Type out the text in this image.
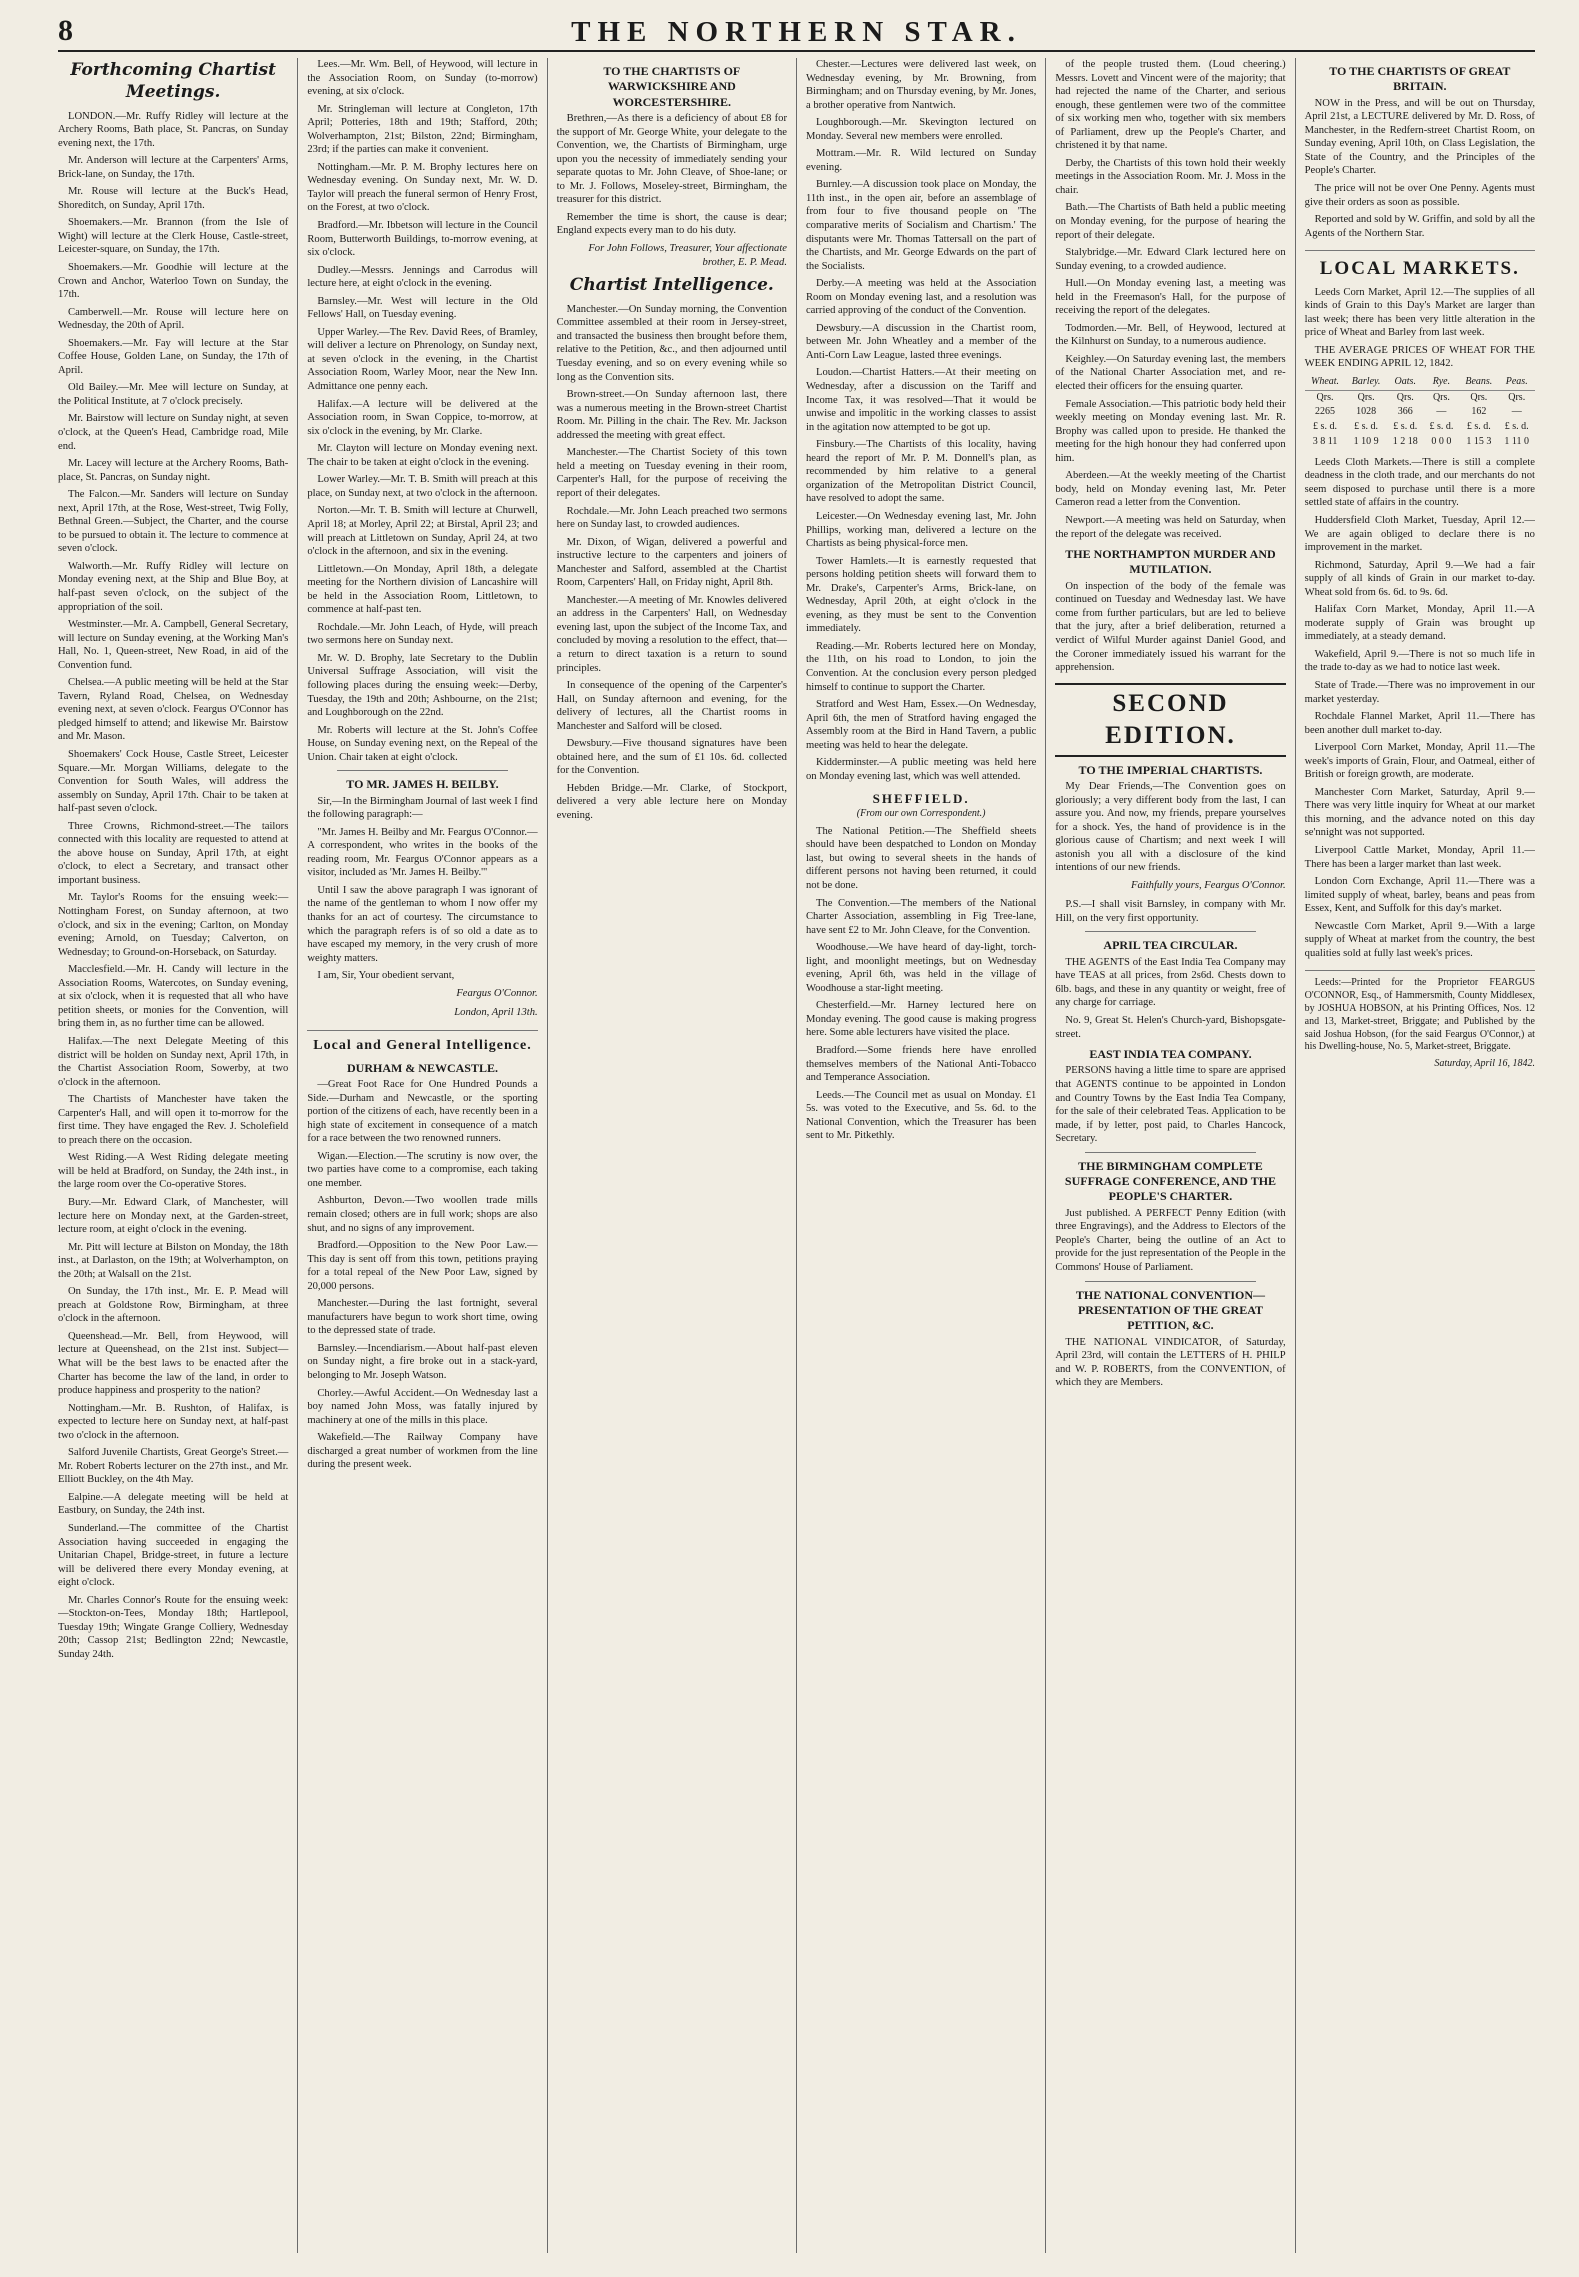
8	THE NORTHERN STAR.
Forthcoming Chartist Meetings.

LONDON.—Mr. Ruffy Ridley will lecture at the Archery Rooms, Bath place, St. Pancras, on Sunday evening next, the 17th.

Mr. Anderson will lecture at the Carpenters' Arms, Brick-lane, on Sunday, the 17th.

Mr. Rouse will lecture at the Buck's Head, Shoreditch, on Sunday, April 17th.

Shoemakers.—Mr. Brannon (from the Isle of Wight) will lecture at the Clerk House, Castle-street, Leicester-square, on Sunday, the 17th.

Shoemakers.—Mr. Goodhie will lecture at the Crown and Anchor, Waterloo Town on Sunday, the 17th.

Camberwell.—Mr. Rouse will lecture here on Wednesday, the 20th of April.

Shoemakers.—Mr. Fay will lecture at the Star Coffee House, Golden Lane, on Sunday, the 17th of April.

Old Bailey.—Mr. Mee will lecture on Sunday, at the Political Institute, at 7 o'clock precisely.

Mr. Bairstow will lecture on Sunday night, at seven o'clock, at the Queen's Head, Cambridge road, Mile end.

Mr. Lacey will lecture at the Archery Rooms, Bath-place, St. Pancras, on Sunday night.

The Falcon.—Mr. Sanders will lecture on Sunday next, April 17th, at the Rose, West-street, Twig Folly, Bethnal Green.—Subject, the Charter, and the course to be pursued to obtain it. The lecture to commence at seven o'clock.

Walworth.—Mr. Ruffy Ridley will lecture on Monday evening next, at the Ship and Blue Boy, at half-past seven o'clock, on the subject of the appropriation of the soil.

Westminster.—Mr. A. Campbell, General Secretary, will lecture on Sunday evening, at the Working Man's Hall, No. 1, Queen-street, New Road, in aid of the Convention fund.

Chelsea.—A public meeting will be held at the Star Tavern, Ryland Road, Chelsea, on Wednesday evening next, at seven o'clock. Feargus O'Connor has pledged himself to attend; and likewise Mr. Bairstow and Mr. Mason.

Shoemakers' Cock House, Castle Street, Leicester Square.—Mr. Morgan Williams, delegate to the Convention for South Wales, will address the assembly on Sunday, April 17th. Chair to be taken at half-past seven o'clock.

Three Crowns, Richmond-street.—The tailors connected with this locality are requested to attend at the above house on Sunday, April 17th, at eight o'clock, to elect a Secretary, and transact other important business.

Mr. Taylor's Rooms for the ensuing week:—Nottingham Forest, on Sunday afternoon, at two o'clock, and six in the evening; Carlton, on Monday evening; Arnold, on Tuesday; Calverton, on Wednesday; to Ground-on-Horseback, on Saturday.

Macclesfield.—Mr. H. Candy will lecture in the Association Rooms, Watercotes, on Sunday evening, at six o'clock, when it is requested that all who have petition sheets, or monies for the Convention, will bring them in, as no further time can be allowed.

Halifax.—The next Delegate Meeting of this district will be holden on Sunday next, April 17th, in the Chartist Association Room, Sowerby, at two o'clock in the afternoon.

The Chartists of Manchester have taken the Carpenter's Hall, and will open it to-morrow for the first time. They have engaged the Rev. J. Scholefield to preach there on the occasion.

West Riding.—A West Riding delegate meeting will be held at Bradford, on Sunday, the 24th inst., in the large room over the Co-operative Stores.

Bury.—Mr. Edward Clark, of Manchester, will lecture here on Monday next, at the Garden-street, lecture room, at eight o'clock in the evening.

Mr. Pitt will lecture at Bilston on Monday, the 18th inst., at Darlaston, on the 19th; at Wolverhampton, on the 20th; at Walsall on the 21st.

On Sunday, the 17th inst., Mr. E. P. Mead will preach at Goldstone Row, Birmingham, at three o'clock in the afternoon.

Queenshead.—Mr. Bell, from Heywood, will lecture at Queenshead, on the 21st inst. Subject—What will be the best laws to be enacted after the Charter has become the law of the land, in order to produce happiness and prosperity to the nation?

Nottingham.—Mr. B. Rushton, of Halifax, is expected to lecture here on Sunday next, at half-past two o'clock in the afternoon.

Salford Juvenile Chartists, Great George's Street.—Mr. Robert Roberts lecturer on the 27th inst., and Mr. Elliott Buckley, on the 4th May.

Ealpine.—A delegate meeting will be held at Eastbury, on Sunday, the 24th inst.

Sunderland.—The committee of the Chartist Association having succeeded in engaging the Unitarian Chapel, Bridge-street, in future a lecture will be delivered there every Monday evening, at eight o'clock.

Mr. Charles Connor's Route for the ensuing week:—Stockton-on-Tees, Monday 18th; Hartlepool, Tuesday 19th; Wingate Grange Colliery, Wednesday 20th; Cassop 21st; Bedlington 22nd; Newcastle, Sunday 24th.

Lees.—Mr. Wm. Bell, of Heywood, will lecture in the Association Room, on Sunday (to-morrow) evening, at six o'clock.

Mr. Stringleman will lecture at Congleton, 17th April; Potteries, 18th and 19th; Stafford, 20th; Wolverhampton, 21st; Bilston, 22nd; Birmingham, 23rd; if the parties can make it convenient.

Nottingham.—Mr. P. M. Brophy lectures here on Wednesday evening. On Sunday next, Mr. W. D. Taylor will preach the funeral sermon of Henry Frost, on the Forest, at two o'clock.

Bradford.—Mr. Ibbetson will lecture in the Council Room, Butterworth Buildings, to-morrow evening, at six o'clock.

Dudley.—Messrs. Jennings and Carrodus will lecture here, at eight o'clock in the evening.

Barnsley.—Mr. West will lecture in the Old Fellows' Hall, on Tuesday evening.

Upper Warley.—The Rev. David Rees, of Bramley, will deliver a lecture on Phrenology, on Sunday next, at seven o'clock in the evening, in the Chartist Association Room, Warley Moor, near the New Inn. Admittance one penny each.

Halifax.—A lecture will be delivered at the Association room, in Swan Coppice, to-morrow, at six o'clock in the evening, by Mr. Clarke.

Mr. Clayton will lecture on Monday evening next. The chair to be taken at eight o'clock in the evening.

Lower Warley.—Mr. T. B. Smith will preach at this place, on Sunday next, at two o'clock in the afternoon.

Norton.—Mr. T. B. Smith will lecture at Churwell, April 18; at Morley, April 22; at Birstal, April 23; and will preach at Littletown on Sunday, April 24, at two o'clock in the afternoon, and six in the evening.

Littletown.—On Monday, April 18th, a delegate meeting for the Northern division of Lancashire will be held in the Association Room, Littletown, to commence at half-past ten.

Rochdale.—Mr. John Leach, of Hyde, will preach two sermons here on Sunday next.

Mr. W. D. Brophy, late Secretary to the Dublin Universal Suffrage Association, will visit the following places during the ensuing week:—Derby, Tuesday, the 19th and 20th; Ashbourne, on the 21st; and Loughborough on the 22nd.

Mr. Roberts will lecture at the St. John's Coffee House, on Sunday evening next, on the Repeal of the Union. Chair taken at eight o'clock.

TO MR. JAMES H. BEILBY.

Sir,—In the Birmingham Journal of last week I find the following paragraph:—

"Mr. James H. Beilby and Mr. Feargus O'Connor.—A correspondent, who writes in the books of the reading room, Mr. Feargus O'Connor appears as a visitor, included as 'Mr. James H. Beilby.'"

Until I saw the above paragraph I was ignorant of the name of the gentleman to whom I now offer my thanks for an act of courtesy. The circumstance to which the paragraph refers is of so old a date as to have escaped my memory, in the very crush of more weighty matters.

I am, Sir, Your obedient servant,

Feargus O'Connor.
London, April 13th.
Local and General Intelligence.
DURHAM & NEWCASTLE.

—Great Foot Race for One Hundred Pounds a Side.—Durham and Newcastle, or the sporting portion of the citizens of each, have recently been in a high state of excitement in consequence of a match for a race between the two renowned runners.

Wigan.—Election.—The scrutiny is now over, the two parties have come to a compromise, each taking one member.

Ashburton, Devon.—Two woollen trade mills remain closed; others are in full work; shops are also shut, and no signs of any improvement.

Bradford.—Opposition to the New Poor Law.—This day is sent off from this town, petitions praying for a total repeal of the New Poor Law, signed by 20,000 persons.

Manchester.—During the last fortnight, several manufacturers have begun to work short time, owing to the depressed state of trade.

Barnsley.—Incendiarism.—About half-past eleven on Sunday night, a fire broke out in a stack-yard, belonging to Mr. Joseph Watson.

Chorley.—Awful Accident.—On Wednesday last a boy named John Moss, was fatally injured by machinery at one of the mills in this place.

Wakefield.—The Railway Company have discharged a great number of workmen from the line during the present week.

TO THE CHARTISTS OF WARWICKSHIRE AND WORCESTERSHIRE.

Brethren,—As there is a deficiency of about £8 for the support of Mr. George White, your delegate to the Convention, we, the Chartists of Birmingham, urge upon you the necessity of immediately sending your separate quotas to Mr. John Cleave, of Shoe-lane; or to Mr. J. Follows, Moseley-street, Birmingham, the treasurer for this district.

Remember the time is short, the cause is dear; England expects every man to do his duty.

For John Follows, Treasurer, Your affectionate brother, E. P. Mead.
Chartist Intelligence.

Manchester.—On Sunday morning, the Convention Committee assembled at their room in Jersey-street, and transacted the business then brought before them, relative to the Petition, &c., and then adjourned until Tuesday evening, and so on every evening while so long as the Convention sits.

Brown-street.—On Sunday afternoon last, there was a numerous meeting in the Brown-street Chartist Room. Mr. Pilling in the chair. The Rev. Mr. Jackson addressed the meeting with great effect.

Manchester.—The Chartist Society of this town held a meeting on Tuesday evening in their room, Carpenter's Hall, for the purpose of receiving the report of their delegates.

Rochdale.—Mr. John Leach preached two sermons here on Sunday last, to crowded audiences.

Mr. Dixon, of Wigan, delivered a powerful and instructive lecture to the carpenters and joiners of Manchester and Salford, assembled at the Chartist Room, Carpenters' Hall, on Friday night, April 8th.

Manchester.—A meeting of Mr. Knowles delivered an address in the Carpenters' Hall, on Wednesday evening last, upon the subject of the Income Tax, and concluded by moving a resolution to the effect, that—a return to direct taxation is a return to sound principles.

In consequence of the opening of the Carpenter's Hall, on Sunday afternoon and evening, for the delivery of lectures, all the Chartist rooms in Manchester and Salford will be closed.

Dewsbury.—Five thousand signatures have been obtained here, and the sum of £1 10s. 6d. collected for the Convention.

Hebden Bridge.—Mr. Clarke, of Stockport, delivered a very able lecture here on Monday evening.

Chester.—Lectures were delivered last week, on Wednesday evening, by Mr. Browning, from Birmingham; and on Thursday evening, by Mr. Jones, a brother operative from Nantwich.

Loughborough.—Mr. Skevington lectured on Monday. Several new members were enrolled.

Mottram.—Mr. R. Wild lectured on Sunday evening.

Burnley.—A discussion took place on Monday, the 11th inst., in the open air, before an assemblage of from four to five thousand people on 'The comparative merits of Socialism and Chartism.' The disputants were Mr. Thomas Tattersall on the part of the Chartists, and Mr. George Edwards on the part of the Socialists.

Derby.—A meeting was held at the Association Room on Monday evening last, and a resolution was carried approving of the conduct of the Convention.

Dewsbury.—A discussion in the Chartist room, between Mr. John Wheatley and a member of the Anti-Corn Law League, lasted three evenings.

Loudon.—Chartist Hatters.—At their meeting on Wednesday, after a discussion on the Tariff and Income Tax, it was resolved—That it would be unwise and impolitic in the working classes to assist in the agitation now attempted to be got up.

Finsbury.—The Chartists of this locality, having heard the report of Mr. P. M. Donnell's plan, as recommended by him relative to a general organization of the Metropolitan District Council, have resolved to adopt the same.

Leicester.—On Wednesday evening last, Mr. John Phillips, working man, delivered a lecture on the Chartists as being physical-force men.

Tower Hamlets.—It is earnestly requested that persons holding petition sheets will forward them to Mr. Drake's, Carpenter's Arms, Brick-lane, on Wednesday, April 20th, at eight o'clock in the evening, as they must be sent to the Convention immediately.

Reading.—Mr. Roberts lectured here on Monday, the 11th, on his road to London, to join the Convention. At the conclusion every person pledged himself to continue to support the Charter.

Stratford and West Ham, Essex.—On Wednesday, April 6th, the men of Stratford having engaged the Assembly room at the Bird in Hand Tavern, a public meeting was held to hear the delegate.

Kidderminster.—A public meeting was held here on Monday evening last, which was well attended.

SHEFFIELD.
(From our own Correspondent.)

The National Petition.—The Sheffield sheets should have been despatched to London on Monday last, but owing to several sheets in the hands of different persons not having been returned, it could not be done.

The Convention.—The members of the National Charter Association, assembling in Fig Tree-lane, have sent £2 to Mr. John Cleave, for the Convention.

Woodhouse.—We have heard of day-light, torch-light, and moonlight meetings, but on Wednesday evening, April 6th, was held in the village of Woodhouse a star-light meeting.

Chesterfield.—Mr. Harney lectured here on Monday evening. The good cause is making progress here. Some able lecturers have visited the place.

Bradford.—Some friends here have enrolled themselves members of the National Anti-Tobacco and Temperance Association.

Leeds.—The Council met as usual on Monday. £1 5s. was voted to the Executive, and 5s. 6d. to the National Convention, which the Treasurer has been sent to Mr. Pitkethly.

of the people trusted them. (Loud cheering.) Messrs. Lovett and Vincent were of the majority; that had rejected the name of the Charter, and serious enough, these gentlemen were two of the committee of six working men who, together with six members of Parliament, drew up the People's Charter, and christened it by that name.

Derby, the Chartists of this town hold their weekly meetings in the Association Room. Mr. J. Moss in the chair.

Bath.—The Chartists of Bath held a public meeting on Monday evening, for the purpose of hearing the report of their delegate.

Stalybridge.—Mr. Edward Clark lectured here on Sunday evening, to a crowded audience.

Hull.—On Monday evening last, a meeting was held in the Freemason's Hall, for the purpose of receiving the report of the delegates.

Todmorden.—Mr. Bell, of Heywood, lectured at the Kilnhurst on Sunday, to a numerous audience.

Keighley.—On Saturday evening last, the members of the National Charter Association met, and re-elected their officers for the ensuing quarter.

Female Association.—This patriotic body held their weekly meeting on Monday evening last. Mr. R. Brophy was called upon to preside. He thanked the meeting for the high honour they had conferred upon him.

Aberdeen.—At the weekly meeting of the Chartist body, held on Monday evening last, Mr. Peter Cameron read a letter from the Convention.

Newport.—A meeting was held on Saturday, when the report of the delegate was received.

THE NORTHAMPTON MURDER AND MUTILATION.

On inspection of the body of the female was continued on Tuesday and Wednesday last. We have come from further particulars, but are led to believe that the jury, after a brief deliberation, returned a verdict of Wilful Murder against Daniel Good, and the Coroner immediately issued his warrant for the apprehension.

SECOND EDITION.
TO THE IMPERIAL CHARTISTS.

My Dear Friends,—The Convention goes on gloriously; a very different body from the last, I can assure you. And now, my friends, prepare yourselves for a shock. Yes, the hand of providence is in the glorious cause of Chartism; and next week I will astonish you all with a disclosure of the kind intentions of our new friends.

Faithfully yours, Feargus O'Connor.

P.S.—I shall visit Barnsley, in company with Mr. Hill, on the very first opportunity.

APRIL TEA CIRCULAR.

THE AGENTS of the East India Tea Company may have TEAS at all prices, from 2s6d. Chests down to 6lb. bags, and these in any quantity or weight, free of any charge for carriage.

No. 9, Great St. Helen's Church-yard, Bishopsgate-street.

EAST INDIA TEA COMPANY.

PERSONS having a little time to spare are apprised that AGENTS continue to be appointed in London and Country Towns by the East India Tea Company, for the sale of their celebrated Teas. Application to be made, if by letter, post paid, to Charles Hancock, Secretary.

THE BIRMINGHAM COMPLETE SUFFRAGE CONFERENCE, AND THE PEOPLE'S CHARTER.

Just published. A PERFECT Penny Edition (with three Engravings), and the Address to Electors of the People's Charter, being the outline of an Act to provide for the just representation of the People in the Commons' House of Parliament.

THE NATIONAL CONVENTION—PRESENTATION OF THE GREAT PETITION, &C.

THE NATIONAL VINDICATOR, of Saturday, April 23rd, will contain the LETTERS of H. PHILP and W. P. ROBERTS, from the CONVENTION, of which they are Members.

TO THE CHARTISTS OF GREAT BRITAIN.

NOW in the Press, and will be out on Thursday, April 21st, a LECTURE delivered by Mr. D. Ross, of Manchester, in the Redfern-street Chartist Room, on Sunday evening, April 10th, on Class Legislation, the State of the Country, and the Principles of the People's Charter.

The price will not be over One Penny. Agents must give their orders as soon as possible.

Reported and sold by W. Griffin, and sold by all the Agents of the Northern Star.

LOCAL MARKETS.

Leeds Corn Market, April 12.—The supplies of all kinds of Grain to this Day's Market are larger than last week; there has been very little alteration in the price of Wheat and Barley from last week.

THE AVERAGE PRICES OF WHEAT FOR THE WEEK ENDING APRIL 12, 1842.

Wheat.	Barley.	Oats.	Rye.	Beans.	Peas.
Qrs.	Qrs.	Qrs.	Qrs.	Qrs.	Qrs.
2265	1028	366	—	162	—
£ s. d.	£ s. d.	£ s. d.	£ s. d.	£ s. d.	£ s. d.
3 8 11	1 10 9	1 2 18	0 0 0	1 15 3	1 11 0

Leeds Cloth Markets.—There is still a complete deadness in the cloth trade, and our merchants do not seem disposed to purchase until there is a more settled state of affairs in the country.

Huddersfield Cloth Market, Tuesday, April 12.—We are again obliged to declare there is no improvement in the market.

Richmond, Saturday, April 9.—We had a fair supply of all kinds of Grain in our market to-day. Wheat sold from 6s. 6d. to 9s. 6d.

Halifax Corn Market, Monday, April 11.—A moderate supply of Grain was brought up immediately, at a steady demand.

Wakefield, April 9.—There is not so much life in the trade to-day as we had to notice last week.

State of Trade.—There was no improvement in our market yesterday.

Rochdale Flannel Market, April 11.—There has been another dull market to-day.

Liverpool Corn Market, Monday, April 11.—The week's imports of Grain, Flour, and Oatmeal, either of British or foreign growth, are moderate.

Manchester Corn Market, Saturday, April 9.—There was very little inquiry for Wheat at our market this morning, and the advance noted on this day se'nnight was not supported.

Liverpool Cattle Market, Monday, April 11.—There has been a larger market than last week.

London Corn Exchange, April 11.—There was a limited supply of wheat, barley, beans and peas from Essex, Kent, and Suffolk for this day's market.

Newcastle Corn Market, April 9.—With a large supply of Wheat at market from the country, the best qualities sold at fully last week's prices.

Leeds:—Printed for the Proprietor FEARGUS O'CONNOR, Esq., of Hammersmith, County Middlesex, by JOSHUA HOBSON, at his Printing Offices, Nos. 12 and 13, Market-street, Briggate; and Published by the said Joshua Hobson, (for the said Feargus O'Connor,) at his Dwelling-house, No. 5, Market-street, Briggate.

Saturday, April 16, 1842.
